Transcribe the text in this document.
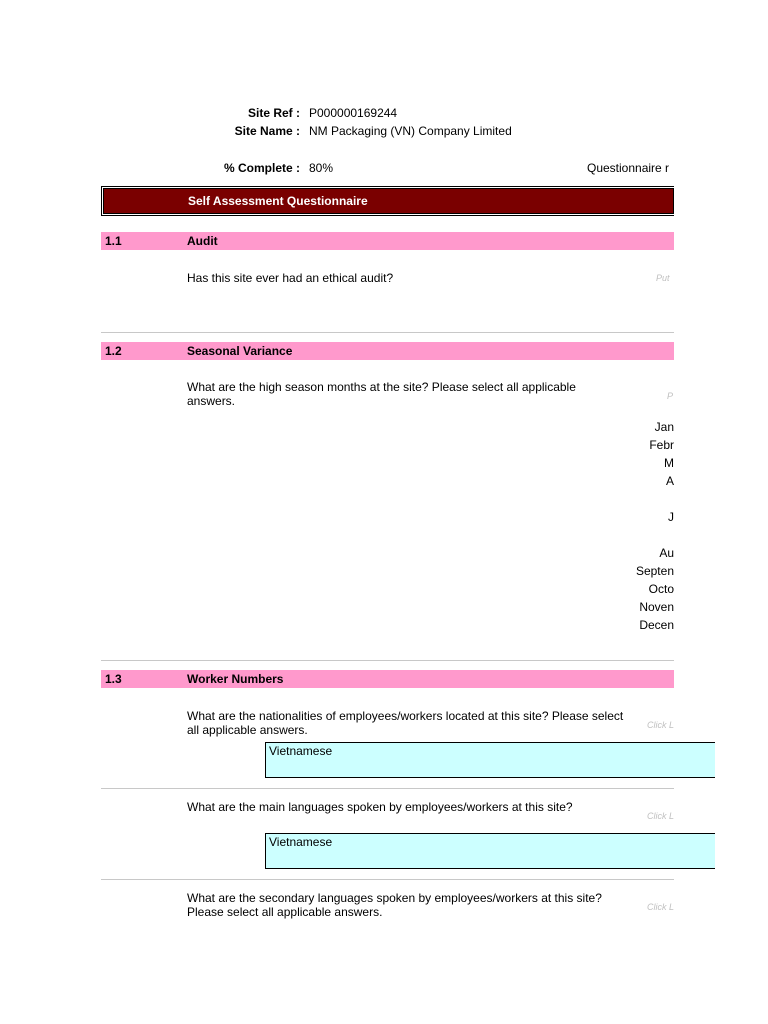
Site Ref : P000000169244
Site Name : NM Packaging (VN) Company Limited
% Complete : 80%	Questionnaire r
Self Assessment Questionnaire
1.1	Audit
Has this site ever had an ethical audit?	Put
1.2	Seasonal Variance
What are the high season months at the site? Please select all applicable answers.	P
Jan
Febr
M
A
J
Au
Septen
Octo
Noven
Decen
1.3	Worker Numbers
What are the nationalities of employees/workers located at this site? Please select all applicable answers.	Click L
What are the main languages spoken by employees/workers at this site?
Click L
What are the secondary languages spoken by employees/workers at this site? Please select all applicable answers.	Click L
Vietnamese
Vietnamese
